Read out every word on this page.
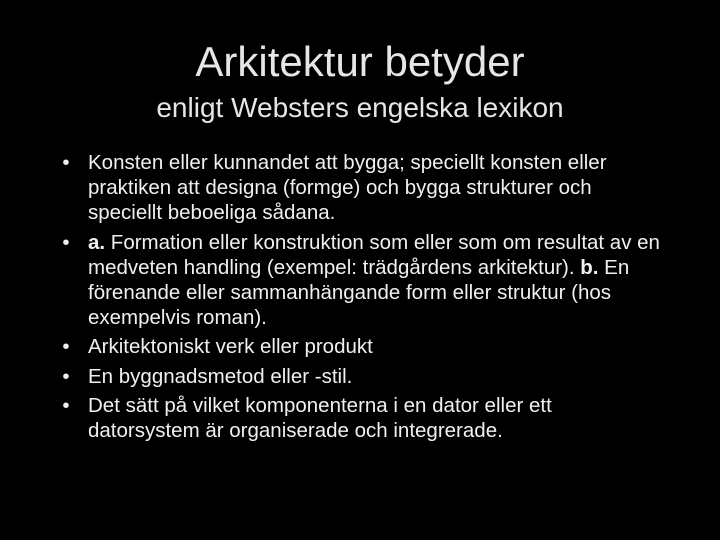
Arkitektur betyder
enligt Websters engelska lexikon
• Konsten eller kunnandet att bygga; speciellt konsten eller praktiken att designa (formge) och bygga strukturer och speciellt beboeliga sådana.
• a. Formation eller konstruktion som eller som om resultat av en medveten handling (exempel: trädgårdens arkitektur). b. En förenande eller sammanhängande form eller struktur (hos exempelvis roman).
• Arkitektoniskt verk eller produkt
• En byggnadsmetod eller -stil.
• Det sätt på vilket komponenterna i en dator eller ett datorsystem är organiserade och integrerade.
